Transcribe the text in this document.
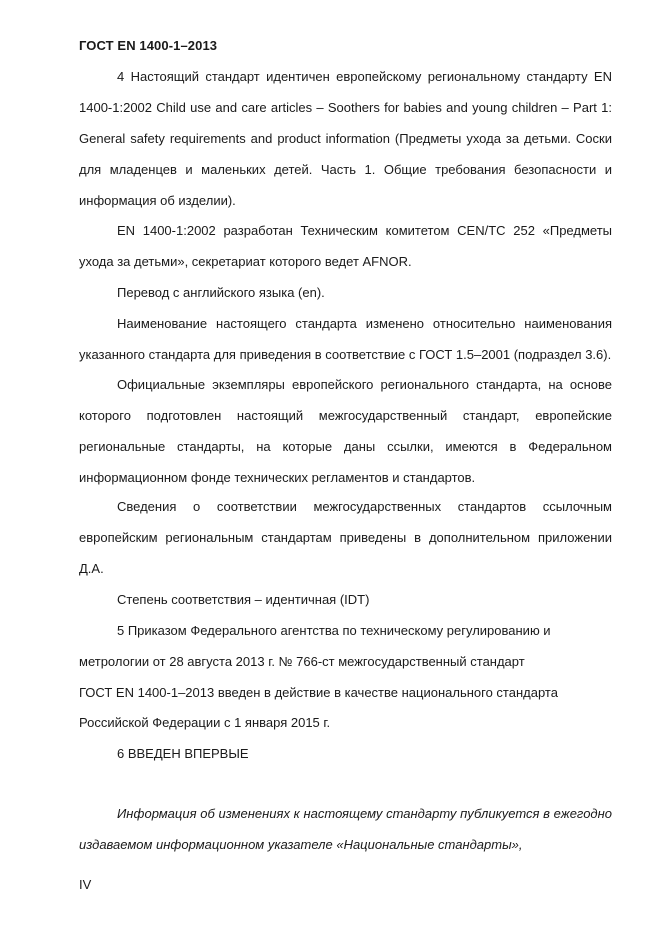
ГОСТ EN 1400-1–2013

4 Настоящий стандарт идентичен европейскому региональному стандарту EN 1400-1:2002 Child use and care articles – Soothers for babies and young children – Part 1: General safety requirements and product information (Предметы ухода за детьми. Соски для младенцев и маленьких детей. Часть 1. Общие требования безопасности и информация об изделии).

EN 1400-1:2002 разработан Техническим комитетом CEN/TC 252 «Предметы ухода за детьми», секретариат которого ведет AFNOR.

Перевод с английского языка (en).

Наименование настоящего стандарта изменено относительно наименования указанного стандарта для приведения в соответствие с ГОСТ 1.5–2001 (подраздел 3.6).

Официальные экземпляры европейского регионального стандарта, на основе которого подготовлен настоящий межгосударственный стандарт, европейские региональные стандарты, на которые даны ссылки, имеются в Федеральном информационном фонде технических регламентов и стандартов.

Сведения о соответствии межгосударственных стандартов ссылочным европейским региональным стандартам приведены в дополнительном приложении Д.А.

Степень соответствия – идентичная (IDT)

5 Приказом Федерального агентства по техническому регулированию и

метрологии от 28 августа 2013 г. № 766-ст межгосударственный стандарт

ГОСТ EN 1400-1–2013 введен в действие в качестве национального стандарта

Российской Федерации с 1 января 2015 г.

6 ВВЕДЕН ВПЕРВЫЕ

Информация об изменениях к настоящему стандарту публикуется в ежегодно издаваемом информационном указателе «Национальные стандарты»,

IV
